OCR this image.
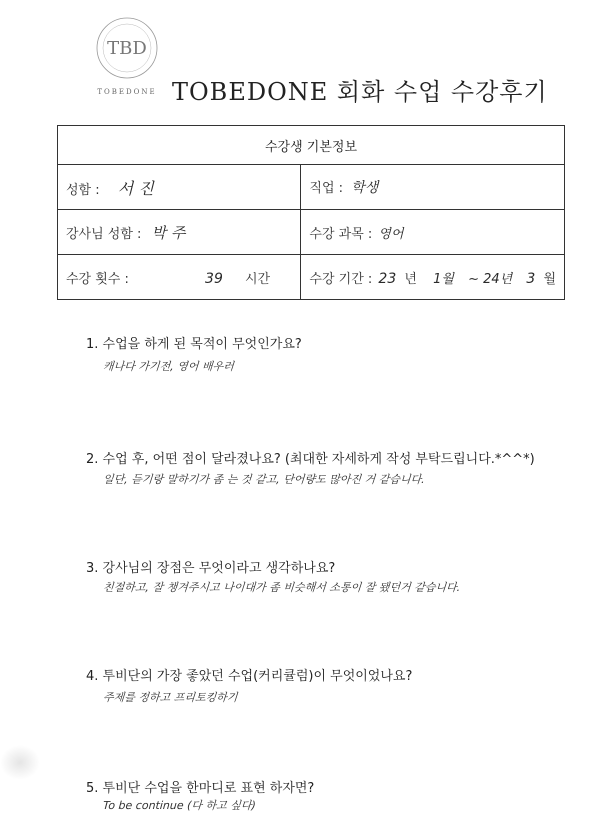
TBD
TOBEDONE TOBEDONE 회화 수업 수강후기
수강생 기본정보	
성함 : 서 진	직업 : 학생
강사님 성함 : 박 주	수강 과목 : 영어
수강 횟수 : 39 시간	수강 기간 : 23 년 1월 ~ 24년 3 월
1. 수업을 하게 된 목적이 무엇인가요?
캐나다 가기전, 영어 배우러
2. 수업 후, 어떤 점이 달라졌나요? (최대한 자세하게 작성 부탁드립니다.*^^*)
일단, 듣기랑 말하기가 좀 는 것 같고, 단어량도 많아진 거 같습니다.
3. 강사님의 장점은 무엇이라고 생각하나요?
친절하고, 잘 챙겨주시고 나이대가 좀 비슷해서 소통이 잘 됐던거 같습니다.
4. 투비단의 가장 좋았던 수업(커리큘럼)이 무엇이었나요?
주제를 정하고 프리토킹하기
5. 투비단 수업을 한마디로 표현 하자면?
To be continue (다 하고 싶다)
